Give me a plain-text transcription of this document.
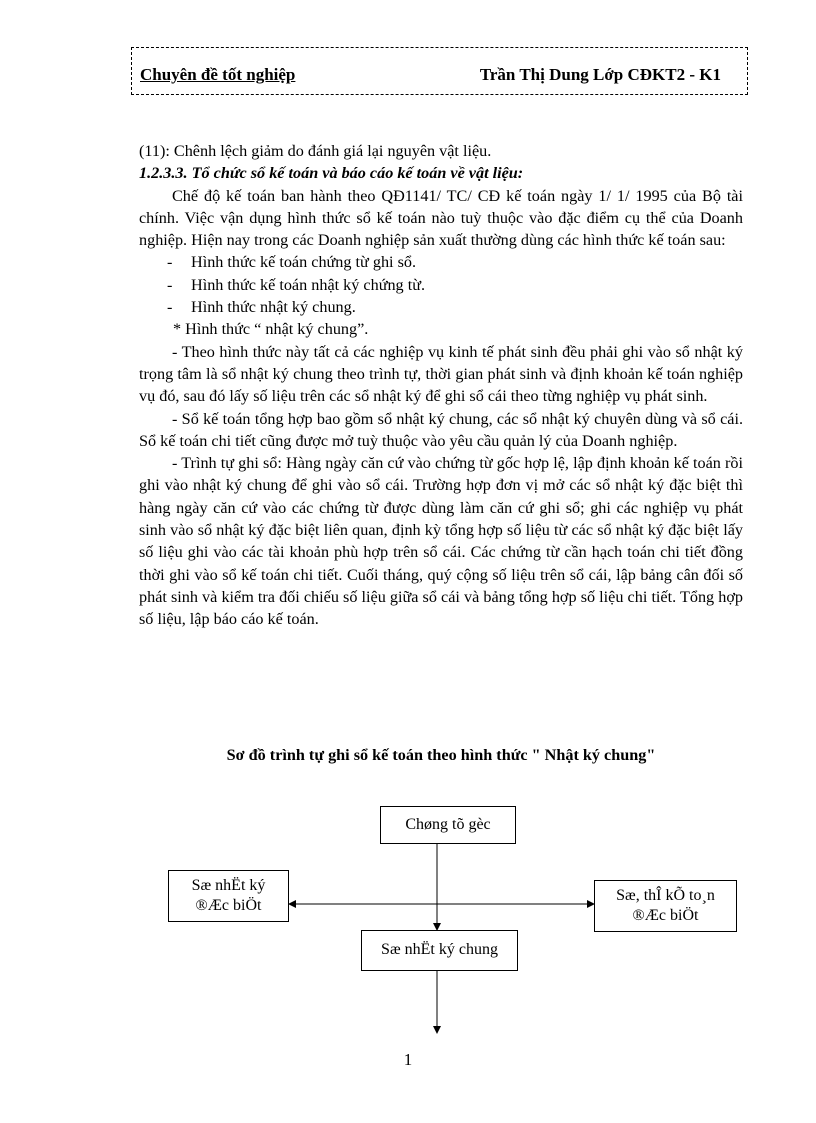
Chuyên đề tốt nghiệp	Trần Thị Dung Lớp CĐKT2 - K1

(11): Chênh lệch giảm do đánh giá lại nguyên vật liệu.

1.2.3.3. Tổ chức sổ kế toán và báo cáo kế toán về vật liệu:

Chế độ kế toán ban hành theo QĐ1141/ TC/ CĐ kế toán ngày 1/ 1/ 1995 của Bộ tài chính. Việc vận dụng hình thức sổ kế toán nào tuỳ thuộc vào đặc điểm cụ thể của Doanh nghiệp. Hiện nay trong các Doanh nghiệp sản xuất thường dùng các hình thức kế toán sau:

- Hình thức kế toán chứng từ ghi sổ.

- Hình thức kế toán nhật ký chứng từ.

- Hình thức nhật ký chung.

* Hình thức “ nhật ký chung”.

- Theo hình thức này tất cả các nghiệp vụ kinh tế phát sinh đều phải ghi vào sổ nhật ký trọng tâm là sổ nhật ký chung theo trình tự, thời gian phát sinh và định khoản kế toán nghiệp vụ đó, sau đó lấy số liệu trên các sổ nhật ký để ghi sổ cái theo từng nghiệp vụ phát sinh.

- Sổ kế toán tổng hợp bao gồm sổ nhật ký chung, các sổ nhật ký chuyên dùng và sổ cái. Sổ kế toán chi tiết cũng được mở tuỳ thuộc vào yêu cầu quản lý của Doanh nghiệp.

- Trình tự ghi sổ: Hàng ngày căn cứ vào chứng từ gốc hợp lệ, lập định khoản kế toán rồi ghi vào nhật ký chung để ghi vào sổ cái. Trường hợp đơn vị mở các sổ nhật ký đặc biệt thì hàng ngày căn cứ vào các chứng từ được dùng làm căn cứ ghi sổ; ghi các nghiệp vụ phát sinh vào sổ nhật ký đặc biệt liên quan, định kỳ tổng hợp số liệu từ các sổ nhật ký đặc biệt lấy số liệu ghi vào các tài khoản phù hợp trên sổ cái. Các chứng từ cần hạch toán chi tiết đồng thời ghi vào sổ kế toán chi tiết. Cuối tháng, quý cộng số liệu trên sổ cái, lập bảng cân đối số phát sinh và kiểm tra đối chiếu số liệu giữa sổ cái và bảng tổng hợp số liệu chi tiết. Tổng hợp số liệu, lập báo cáo kế toán.

Sơ đồ trình tự ghi sổ kế toán theo hình thức " Nhật ký chung"
Chøng tõ gèc
Sæ nhËt ký
®Æc biÖt
Sæ, thÎ kÕ to¸n
®Æc biÖt
Sæ nhËt ký chung
1
